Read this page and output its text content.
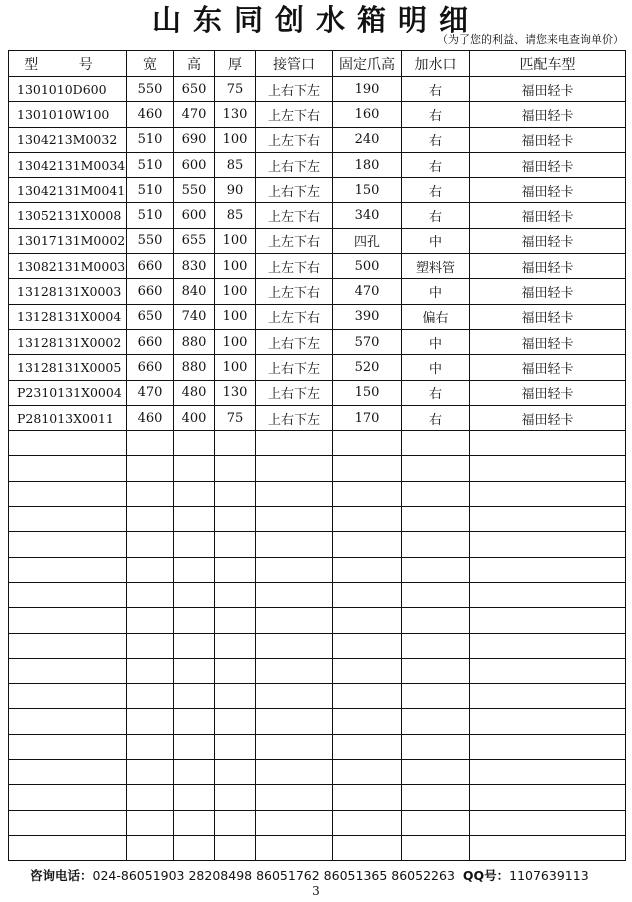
山东同创水箱明细
（为了您的利益、请您来电查询单价）
型 号	宽	高	厚	接管口	固定爪高	加水口	匹配车型
1301010D600	550	650	75	上右下左	190	右	福田轻卡
1301010W100	460	470	130	上左下右	160	右	福田轻卡
1304213M0032	510	690	100	上左下右	240	右	福田轻卡
13042131M0034	510	600	85	上右下左	180	右	福田轻卡
13042131M0041	510	550	90	上右下左	150	右	福田轻卡
13052131X0008	510	600	85	上左下右	340	右	福田轻卡
13017131M0002	550	655	100	上左下右	四孔	中	福田轻卡
13082131M0003	660	830	100	上左下右	500	塑料管	福田轻卡
13128131X0003	660	840	100	上左下右	470	中	福田轻卡
13128131X0004	650	740	100	上左下右	390	偏右	福田轻卡
13128131X0002	660	880	100	上右下左	570	中	福田轻卡
13128131X0005	660	880	100	上右下左	520	中	福田轻卡
P2310131X0004	470	480	130	上右下左	150	右	福田轻卡
P281013X0011	460	400	75	上右下左	170	右	福田轻卡

咨询电话：024-86051903 28208498 86051762 86051365 86052263 QQ号：1107639113
3
